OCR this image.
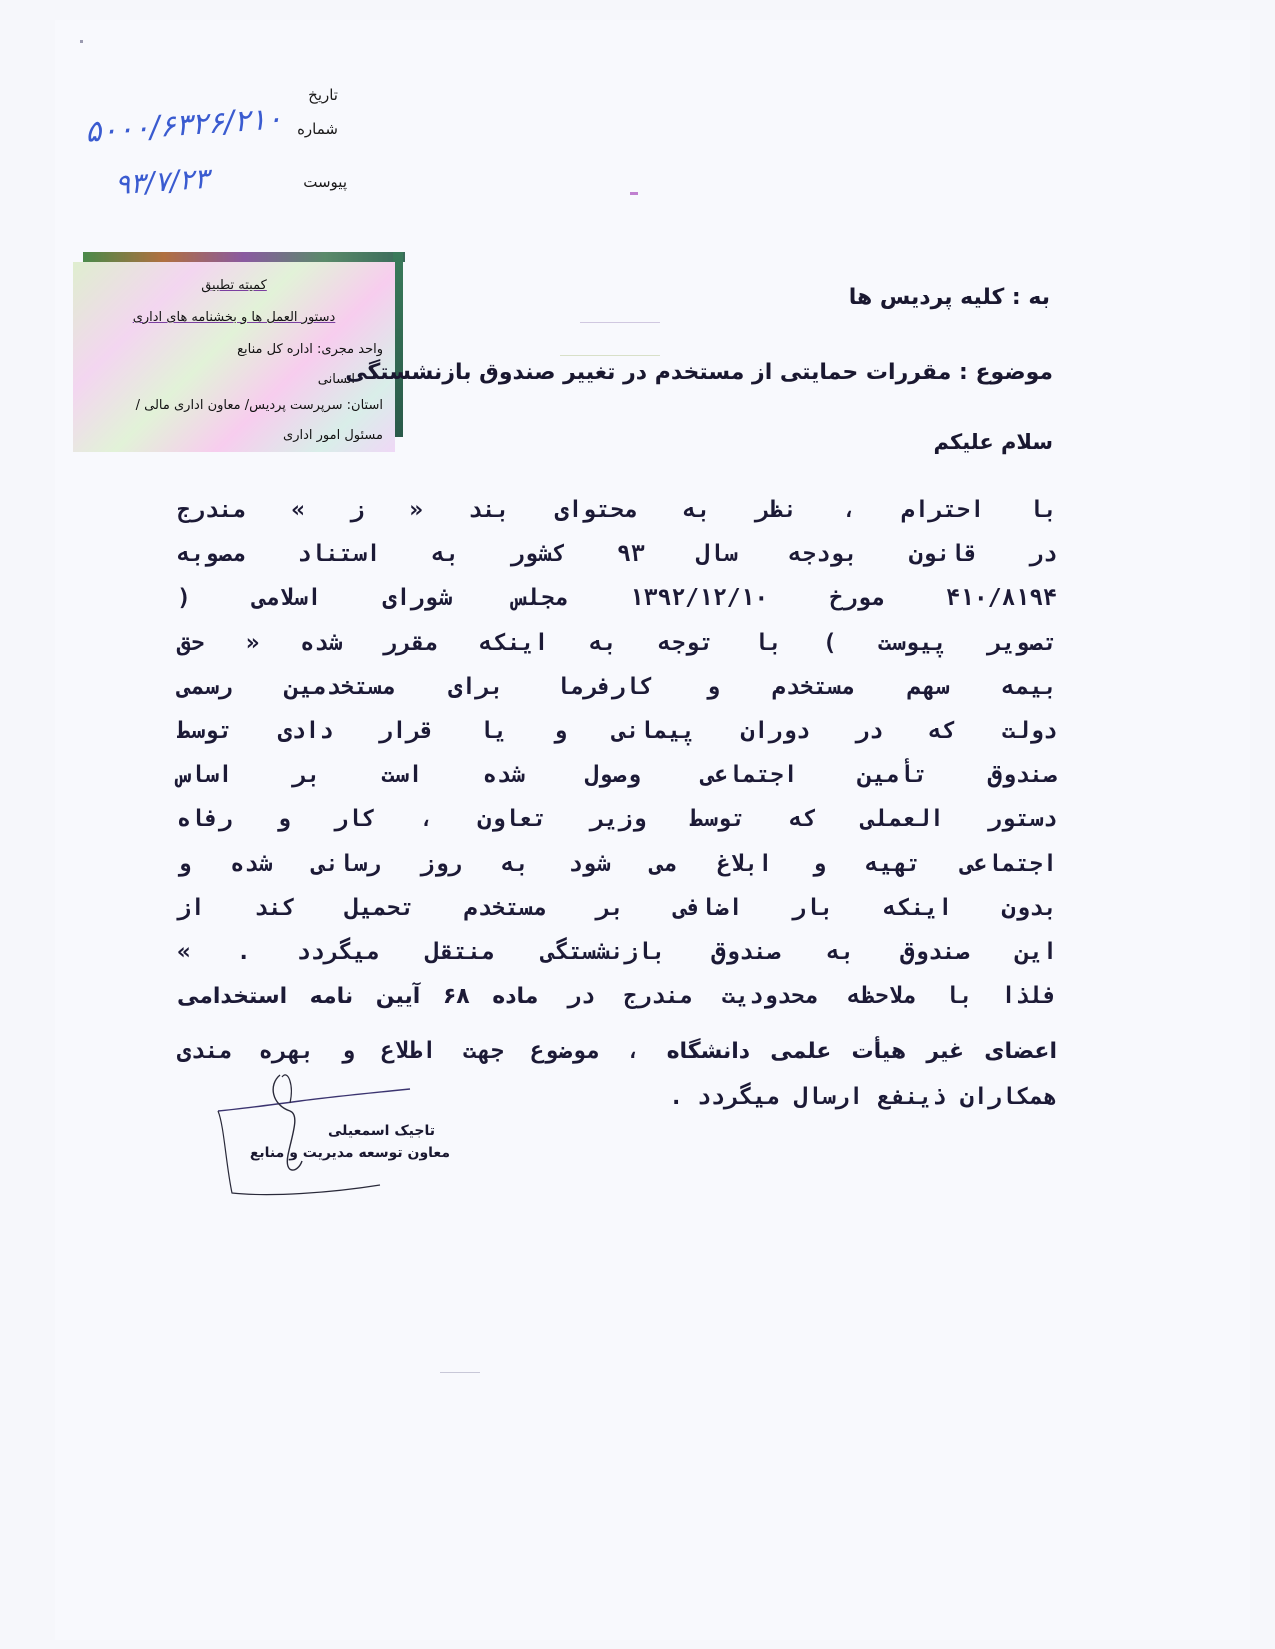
تاریخ
شماره
پیوست
۵۰۰۰/۶۳۲۶/۲۱۰
۹۳/۷/۲۳
کمیته تطبیق
دستور العمل ها و بخشنامه های اداری
واحد مجری: اداره کل منابع
انسانی
استان: سرپرست پردیس/ معاون اداری مالی /
مسئول امور اداری
به : کلیه پردیس ها
موضوع : مقررات حمایتی از مستخدم در تغییر صندوق بازنشستگی
سلام علیکم
با احترام ، نظر به محتوای بند « ز » مندرج
در قانون بودجه سال ۹۳ کشور به استناد مصوبه
۴۱۰/۸۱۹۴ مورخ ۱۳۹۲/۱۲/۱۰ مجلس شورای اسلامی (
تصویر پیوست ) با توجه به اینکه مقرر شده « حق
بیمه سهم مستخدم و کارفرما برای مستخدمین رسمی
دولت که در دوران پیمانی و یا قرار دادی توسط
صندوق تأمین اجتماعی وصول شده است بر اساس
دستور العملی که توسط وزیر تعاون ، کار و رفاه
اجتماعی تهیه و ابلاغ می شود به روز رسانی شده و
بدون اینکه بار اضافی بر مستخدم تحمیل کند از
این صندوق به صندوق بازنشستگی منتقل میگردد . »
فلذا با ملاحظه محدودیت مندرج در ماده ۶۸ آیین نامه استخدامی
اعضای غیر هیأت علمی دانشگاه ، موضوع جهت اطلاع و بهره مندی
همکاران ذینفع ارسال میگردد .
تاجیک اسمعیلی
معاون توسعه مدیریت و منابع
